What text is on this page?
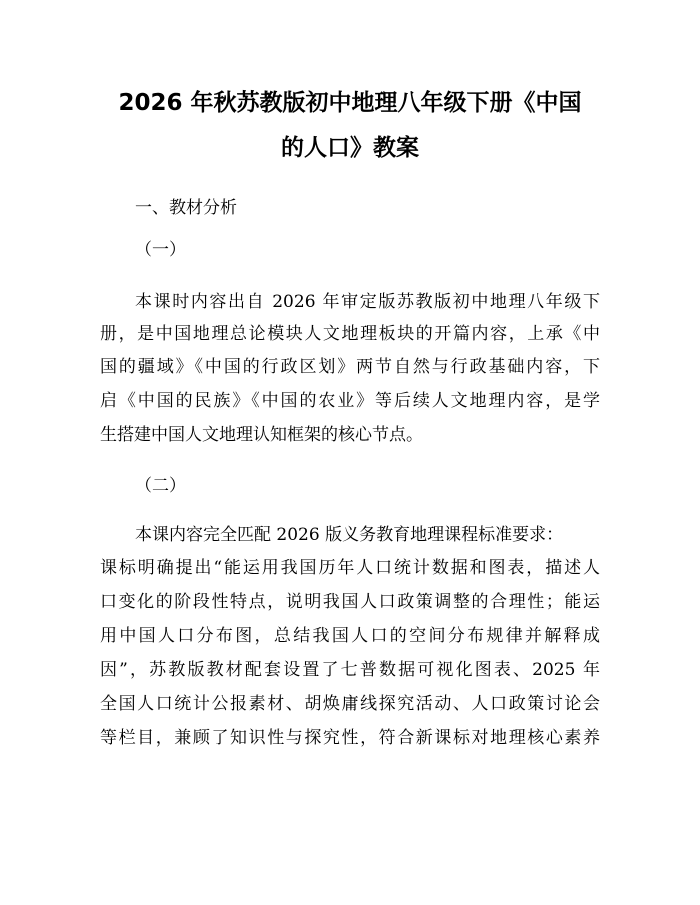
2026 年秋苏教版初中地理八年级下册《中国
的人口》教案

一、教材分析

（一）

本课时内容出自 2026 年审定版苏教版初中地理八年级下

册，是中国地理总论模块人文地理板块的开篇内容，上承《中

国的疆域》《中国的行政区划》两节自然与行政基础内容，下

启《中国的民族》《中国的农业》等后续人文地理内容，是学

生搭建中国人文地理认知框架的核心节点。

（二）

本课内容完全匹配 2026 版义务教育地理课程标准要求：

课标明确提出“能运用我国历年人口统计数据和图表，描述人

口变化的阶段性特点，说明我国人口政策调整的合理性；能运

用中国人口分布图，总结我国人口的空间分布规律并解释成

因”，苏教版教材配套设置了七普数据可视化图表、2025 年

全国人口统计公报素材、胡焕庸线探究活动、人口政策讨论会

等栏目，兼顾了知识性与探究性，符合新课标对地理核心素养
